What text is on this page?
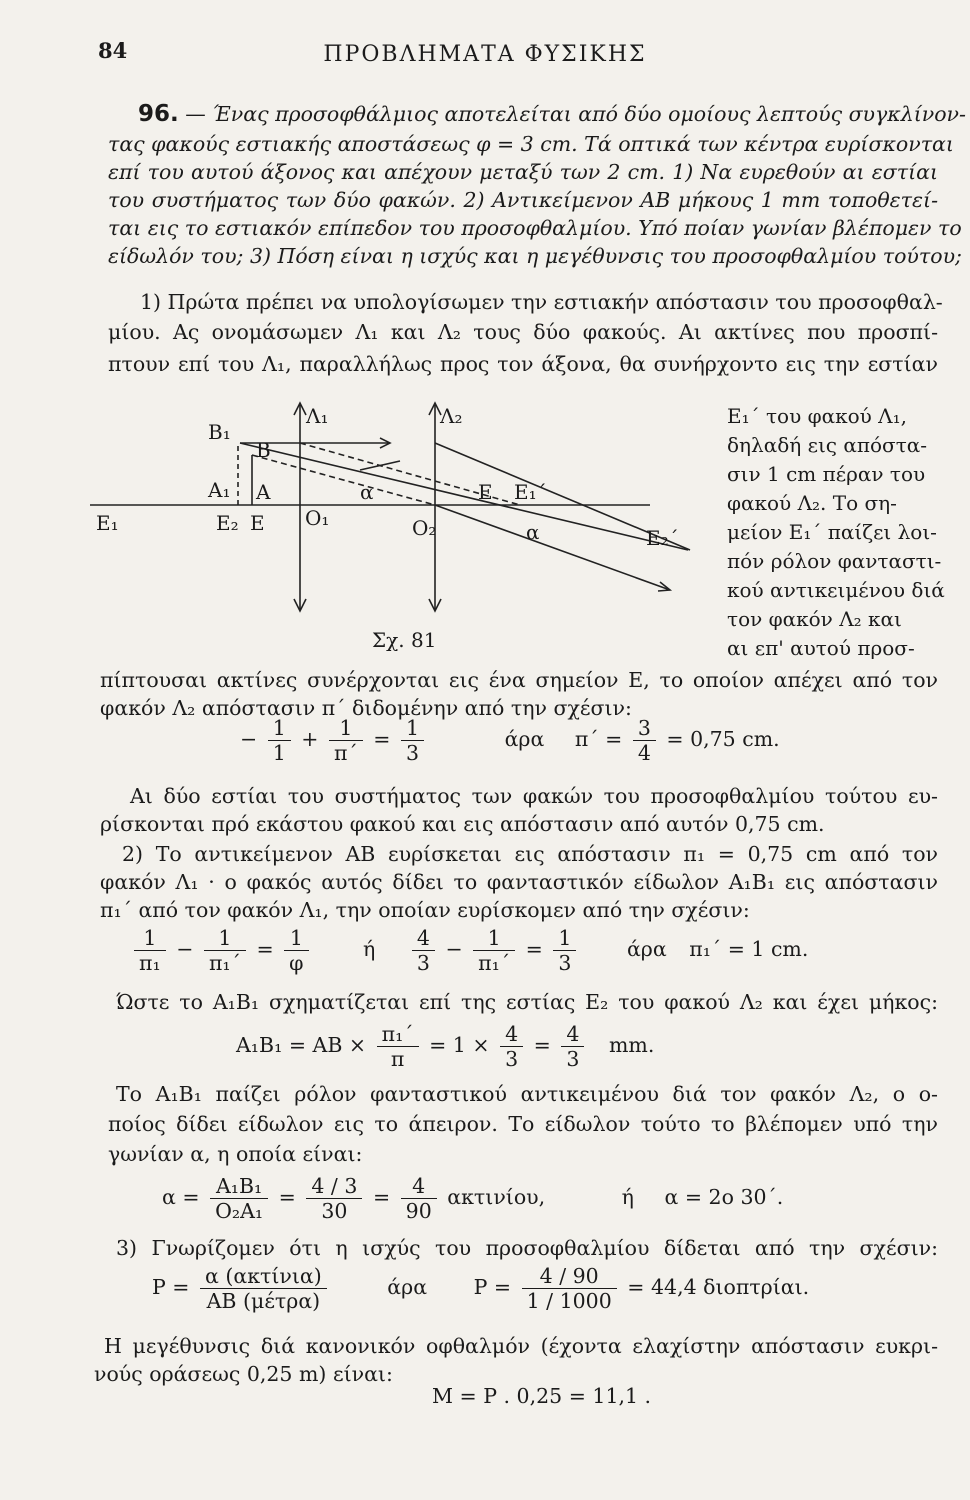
84	ΠΡΟΒΛΗΜΑΤΑ ΦΥΣΙΚΗΣ
96. — Ένας προσοφθάλμιος αποτελείται από δύο ομοίους λεπτούς συγκλίνον-
τας φακούς εστιακής αποστάσεως φ = 3 cm. Τά οπτικά των κέντρα ευρίσκονται
επί του αυτού άξονος και απέχουν μεταξύ των 2 cm. 1) Να ευρεθούν αι εστίαι
του συστήματος των δύο φακών. 2) Αντικείμενον ΑΒ μήκους 1 mm τοποθετεί-
ται εις το εστιακόν επίπεδον του προσοφθαλμίου. Υπό ποίαν γωνίαν βλέπομεν το
είδωλόν του; 3) Πόση είναι η ισχύς και η μεγέθυνσις του προσοφθαλμίου τούτου;
1) Πρώτα πρέπει να υπολογίσωμεν την εστιακήν απόστασιν του προσοφθαλ-
μίου. Ας ονομάσωμεν Λ₁ και Λ₂ τους δύο φακούς. Αι ακτίνες που προσπί-
πτουν επί του Λ₁, παραλλήλως προς τον άξονα, θα συνήρχοντο εις την εστίαν
Λ₁	Λ₂
Β₁
Β
Α₁ Α
Ε₁	Ε₂ Ε O₁	O₂
α	Ε Ε₁΄
Ε₂΄
α
Σχ. 81
Ε₁΄ του φακού Λ₁,
δηλαδή εις απόστα-
σιν 1 cm πέραν του
φακού Λ₂. Το ση-
μείον Ε₁΄ παίζει λοι-
πόν ρόλον φανταστι-
κού αντικειμένου διά
τον φακόν Λ₂ και
αι επ' αυτού προσ-
πίπτουσαι ακτίνες συνέρχονται εις ένα σημείον Ε, το οποίον απέχει από τον
φακόν Λ₂ απόστασιν π΄ διδομένην από την σχέσιν:
− $\frac{1}{1} + \frac{1}{\pi΄} = \frac{1}{3}$	άρα $\pi΄ = \frac{3}{4} = 0,75$ cm.
Αι δύο εστίαι του συστήματος των φακών του προσοφθαλμίου τούτου ευ-
ρίσκονται πρό εκάστου φακού και εις απόστασιν από αυτόν 0,75 cm.
2) Το αντικείμενον ΑΒ ευρίσκεται εις απόστασιν π₁ = 0,75 cm από τον
φακόν Λ₁ · ο φακός αυτός δίδει το φανταστικόν είδωλον Α₁Β₁ εις απόστασιν
π₁΄ από τον φακόν Λ₁, την οποίαν ευρίσκομεν από την σχέσιν:
$\frac{1}{\text{π₁}} - \frac{1}{\text{π₁΄}} = \frac{1}{\varphi}$	ή $\frac{4}{3} - \frac{1}{\text{π₁΄}} = \frac{1}{3}$ άρα π₁΄ = 1 cm.
Ώστε το Α₁Β₁ σχηματίζεται επί της εστίας Ε₂ του φακού Λ₂ και έχει μήκος:
$A_1B_1 = AB \times \frac{\text{π₁΄}}{\pi} = 1 \times \frac{4}{3} = \frac{4}{3}$ mm.
Το Α₁Β₁ παίζει ρόλον φανταστικού αντικειμένου διά τον φακόν Λ₂, ο ο-
ποίος δίδει είδωλον εις το άπειρον. Το είδωλον τούτο το βλέπομεν υπό την
γωνίαν α, η οποία είναι:
$\alpha = \frac{\text{Α₁Β₁}}{\text{Ο₂Α₁}} = \frac{4 / 3}{30} = \frac{4}{90} \alpha\kappa\tau\iota\nu ίo\upsilon$,	ή α = 2ο 30΄.
3) Γνωρίζομεν ότι η ισχύς του προσοφθαλμίου δίδεται από την σχέσιν:
$P = \frac{\text{α (ακτίνια)}}{\text{ΑΒ (μέτρα)}}$	άρα $P = \frac{4 / 90}{1 / 1000} = 44,4$ διοπτρίαι.
Η μεγέθυνσις διά κανονικόν οφθαλμόν (έχοντα ελαχίστην απόστασιν ευκρι-
νούς οράσεως 0,25 m) είναι:
Μ = P . 0,25 = 11,1 .
